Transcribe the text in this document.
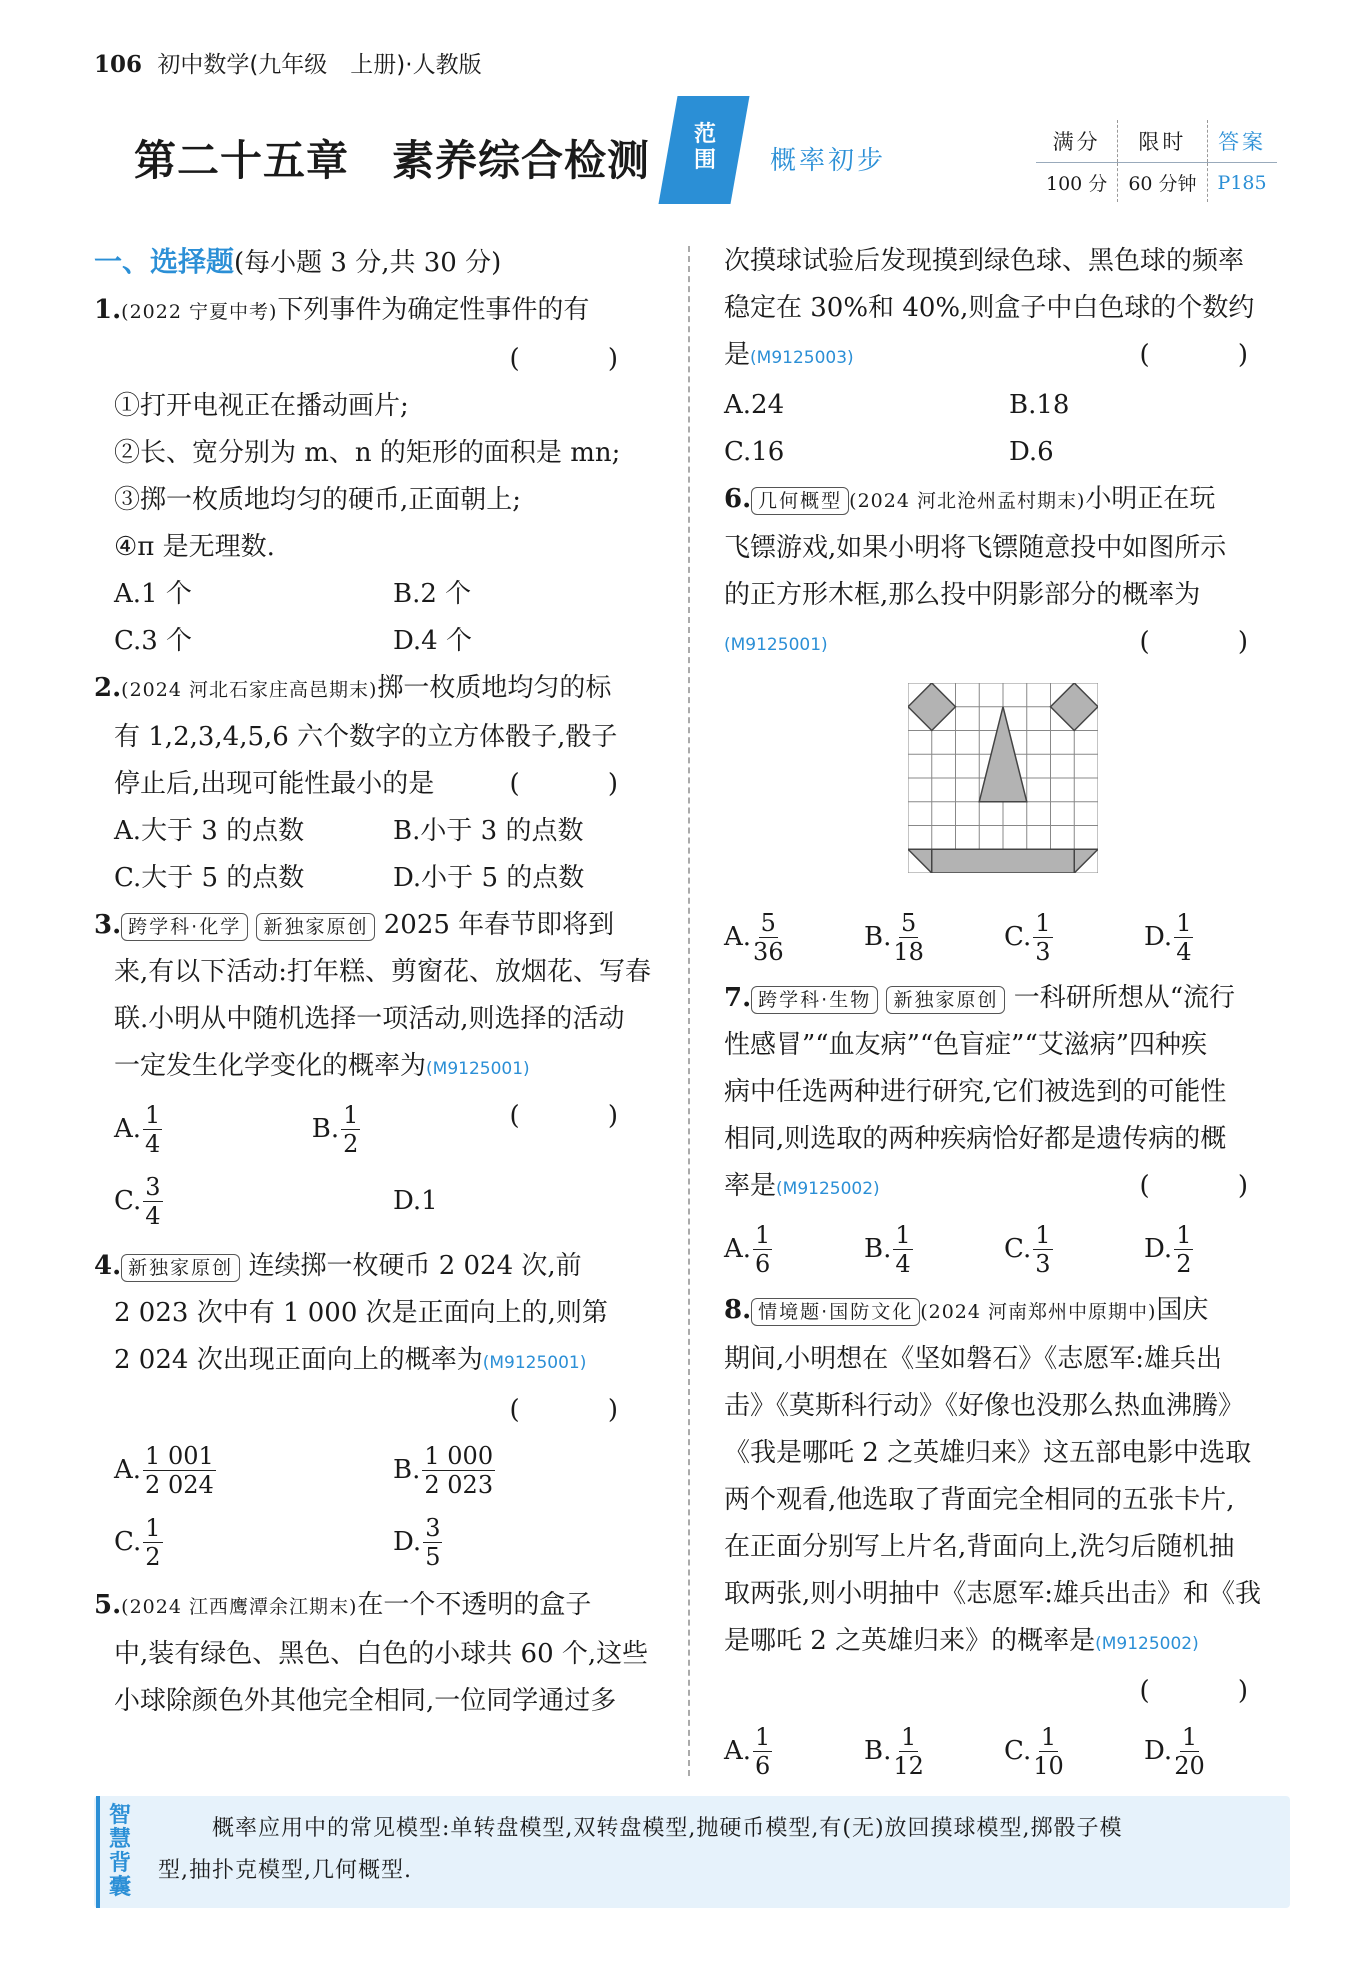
106 初中数学(九年级　上册)·人教版
第二十五章　素养综合检测
范围 概率初步
满分	限时	答案
100 分	60 分钟	P185

一、选择题(每小题 3 分,共 30 分)

1.(2022 宁夏中考)下列事件为确定性事件的有

( )

①打开电视正在播动画片;

②长、宽分别为 m、n 的矩形的面积是 mn;

③掷一枚质地均匀的硬币,正面朝上;

④π 是无理数.

A.1 个	B.2 个
C.3 个	D.4 个

2.(2024 河北石家庄高邑期末)掷一枚质地均匀的标

有 1,2,3,4,5,6 六个数字的立方体骰子,骰子

停止后,出现可能性最小的是	( )

A.大于 3 的点数	B.小于 3 的点数
C.大于 5 的点数	D.小于 5 的点数

3. 跨学科·化学 新独家原创 2025 年春节即将到

来,有以下活动:打年糕、剪窗花、放烟花、写春

联.小明从中随机选择一项活动,则选择的活动

一定发生化学变化的概率为(M9125001)
( )

A. $\frac{1}{4}$	B. $\frac{1}{2}$
C. $\frac{3}{4}$	D.1

4. 新独家原创 连续掷一枚硬币 2 024 次,前

2 023 次中有 1 000 次是正面向上的,则第

2 024 次出现正面向上的概率为(M9125001)

( )

A. $\frac{1 001}{2 024}$	B. $\frac{1 000}{2 023}$
C. $\frac{1}{2}$	D. $\frac{3}{5}$

5.(2024 江西鹰潭余江期末)在一个不透明的盒子

中,装有绿色、黑色、白色的小球共 60 个,这些

小球除颜色外其他完全相同,一位同学通过多

次摸球试验后发现摸到绿色球、黑色球的频率

稳定在 30%和 40%,则盒子中白色球的个数约

是(M9125003)	( )

A.24	B.18
C.16	D.6

6. 几何概型 (2024 河北沧州孟村期末)小明正在玩

飞镖游戏,如果小明将飞镖随意投中如图所示

的正方形木框,那么投中阴影部分的概率为

(M9125001)	( )

A. $\frac{5}{36}$	B. $\frac{5}{18}$	C. $\frac{1}{3}$	D. $\frac{1}{4}$

7. 跨学科·生物 新独家原创 一科研所想从“流行

性感冒”“血友病”“色盲症”“艾滋病”四种疾

病中任选两种进行研究,它们被选到的可能性

相同,则选取的两种疾病恰好都是遗传病的概

率是(M9125002)	( )

A. $\frac{1}{6}$	B. $\frac{1}{4}$	C. $\frac{1}{3}$	D. $\frac{1}{2}$

8. 情境题·国防文化 (2024 河南郑州中原期中)国庆

期间,小明想在《坚如磐石》《志愿军:雄兵出

击》《莫斯科行动》《好像也没那么热血沸腾》

《我是哪吒 2 之英雄归来》这五部电影中选取

两个观看,他选取了背面完全相同的五张卡片,

在正面分别写上片名,背面向上,洗匀后随机抽

取两张,则小明抽中《志愿军:雄兵出击》和《我

是哪吒 2 之英雄归来》的概率是(M9125002)

( )

A. $\frac{1}{6}$	B. $\frac{1}{12}$	C. $\frac{1}{10}$	D. $\frac{1}{20}$
智慧背囊
概率应用中的常见模型:单转盘模型,双转盘模型,抛硬币模型,有(无)放回摸球模型,掷骰子模
型,抽扑克模型,几何概型.
